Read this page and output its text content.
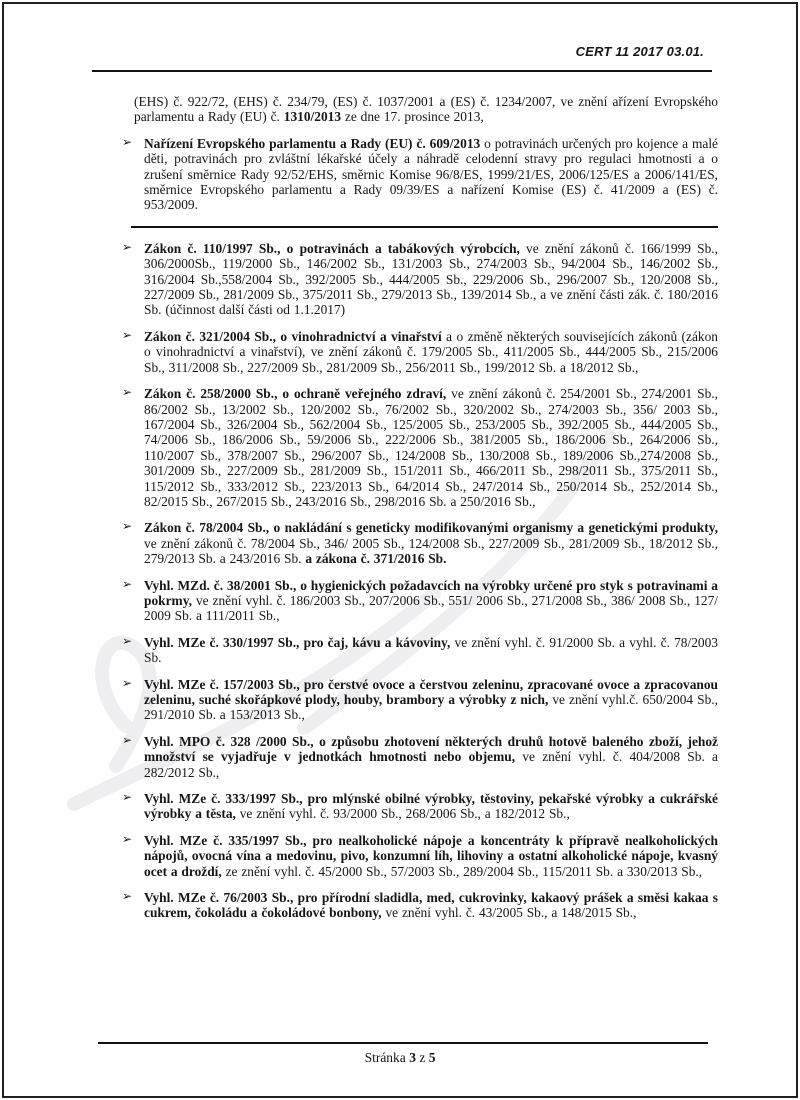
CERT 11 2017 03.01.

(EHS) č. 922/72, (EHS) č. 234/79, (ES) č. 1037/2001 a (ES) č. 1234/2007, ve znění ařízení Evropského parlamentu a Rady (EU) č. 1310/2013 ze dne 17. prosince 2013,

➢ Nařízení Evropského parlamentu a Rady (EU) č. 609/2013 o potravinách určených pro kojence a malé děti, potravinách pro zvláštní lékařské účely a náhradě celodenní stravy pro regulaci hmotnosti a o zrušení směrnice Rady 92/52/EHS, směrnic Komise 96/8/ES, 1999/21/ES, 2006/125/ES a 2006/141/ES, směrnice Evropského parlamentu a Rady 09/39/ES a nařízení Komise (ES) č. 41/2009 a (ES) č. 953/2009.
➢ Zákon č. 110/1997 Sb., o potravinách a tabákových výrobcích, ve znění zákonů č. 166/1999 Sb., 306/2000Sb., 119/2000 Sb., 146/2002 Sb., 131/2003 Sb., 274/2003 Sb., 94/2004 Sb., 146/2002 Sb., 316/2004 Sb.,558/2004 Sb., 392/2005 Sb., 444/2005 Sb., 229/2006 Sb., 296/2007 Sb., 120/2008 Sb., 227/2009 Sb., 281/2009 Sb., 375/2011 Sb., 279/2013 Sb., 139/2014 Sb., a ve znění části zák. č. 180/2016 Sb. (účinnost další části od 1.1.2017)
➢ Zákon č. 321/2004 Sb., o vinohradnictví a vinařství a o změně některých souvisejících zákonů (zákon o vinohradnictví a vinařství), ve znění zákonů č. 179/2005 Sb., 411/2005 Sb., 444/2005 Sb., 215/2006 Sb., 311/2008 Sb., 227/2009 Sb., 281/2009 Sb., 256/2011 Sb., 199/2012 Sb. a 18/2012 Sb.,
➢ Zákon č. 258/2000 Sb., o ochraně veřejného zdraví, ve znění zákonů č. 254/2001 Sb., 274/2001 Sb., 86/2002 Sb., 13/2002 Sb., 120/2002 Sb., 76/2002 Sb., 320/2002 Sb., 274/2003 Sb., 356/ 2003 Sb., 167/2004 Sb., 326/2004 Sb., 562/2004 Sb., 125/2005 Sb., 253/2005 Sb., 392/2005 Sb., 444/2005 Sb., 74/2006 Sb., 186/2006 Sb., 59/2006 Sb., 222/2006 Sb., 381/2005 Sb., 186/2006 Sb., 264/2006 Sb., 110/2007 Sb., 378/2007 Sb., 296/2007 Sb., 124/2008 Sb., 130/2008 Sb., 189/2006 Sb.,274/2008 Sb., 301/2009 Sb., 227/2009 Sb., 281/2009 Sb., 151/2011 Sb., 466/2011 Sb., 298/2011 Sb., 375/2011 Sb., 115/2012 Sb., 333/2012 Sb., 223/2013 Sb., 64/2014 Sb., 247/2014 Sb., 250/2014 Sb., 252/2014 Sb., 82/2015 Sb., 267/2015 Sb., 243/2016 Sb., 298/2016 Sb. a 250/2016 Sb.,
➢ Zákon č. 78/2004 Sb., o nakládání s geneticky modifikovanými organismy a genetickými produkty, ve znění zákonů č. 78/2004 Sb., 346/ 2005 Sb., 124/2008 Sb., 227/2009 Sb., 281/2009 Sb., 18/2012 Sb., 279/2013 Sb. a 243/2016 Sb. a zákona č. 371/2016 Sb.
➢ Vyhl. MZd. č. 38/2001 Sb., o hygienických požadavcích na výrobky určené pro styk s potravinami a pokrmy, ve znění vyhl. č. 186/2003 Sb., 207/2006 Sb., 551/ 2006 Sb., 271/2008 Sb., 386/ 2008 Sb., 127/ 2009 Sb. a 111/2011 Sb.,
➢ Vyhl. MZe č. 330/1997 Sb., pro čaj, kávu a kávoviny, ve znění vyhl. č. 91/2000 Sb. a vyhl. č. 78/2003 Sb.
➢ Vyhl. MZe č. 157/2003 Sb., pro čerstvé ovoce a čerstvou zeleninu, zpracované ovoce a zpracovanou zeleninu, suché skořápkové plody, houby, brambory a výrobky z nich, ve znění vyhl.č. 650/2004 Sb., 291/2010 Sb. a 153/2013 Sb.,
➢ Vyhl. MPO č. 328 /2000 Sb., o způsobu zhotovení některých druhů hotově baleného zboží, jehož množství se vyjadřuje v jednotkách hmotnosti nebo objemu, ve znění vyhl. č. 404/2008 Sb. a 282/2012 Sb.,
➢ Vyhl. MZe č. 333/1997 Sb., pro mlýnské obilné výrobky, těstoviny, pekařské výrobky a cukrářské výrobky a těsta, ve znění vyhl. č. 93/2000 Sb., 268/2006 Sb., a 182/2012 Sb.,
➢ Vyhl. MZe č. 335/1997 Sb., pro nealkoholické nápoje a koncentráty k přípravě nealkoholických nápojů, ovocná vína a medovinu, pivo, konzumní líh, lihoviny a ostatní alkoholické nápoje, kvasný ocet a droždí, ze znění vyhl. č. 45/2000 Sb., 57/2003 Sb., 289/2004 Sb., 115/2011 Sb. a 330/2013 Sb.,
➢ Vyhl. MZe č. 76/2003 Sb., pro přírodní sladidla, med, cukrovinky, kakaový prášek a směsi kakaa s cukrem, čokoládu a čokoládové bonbony, ve znění vyhl. č. 43/2005 Sb., a 148/2015 Sb.,
Stránka 3 z 5
